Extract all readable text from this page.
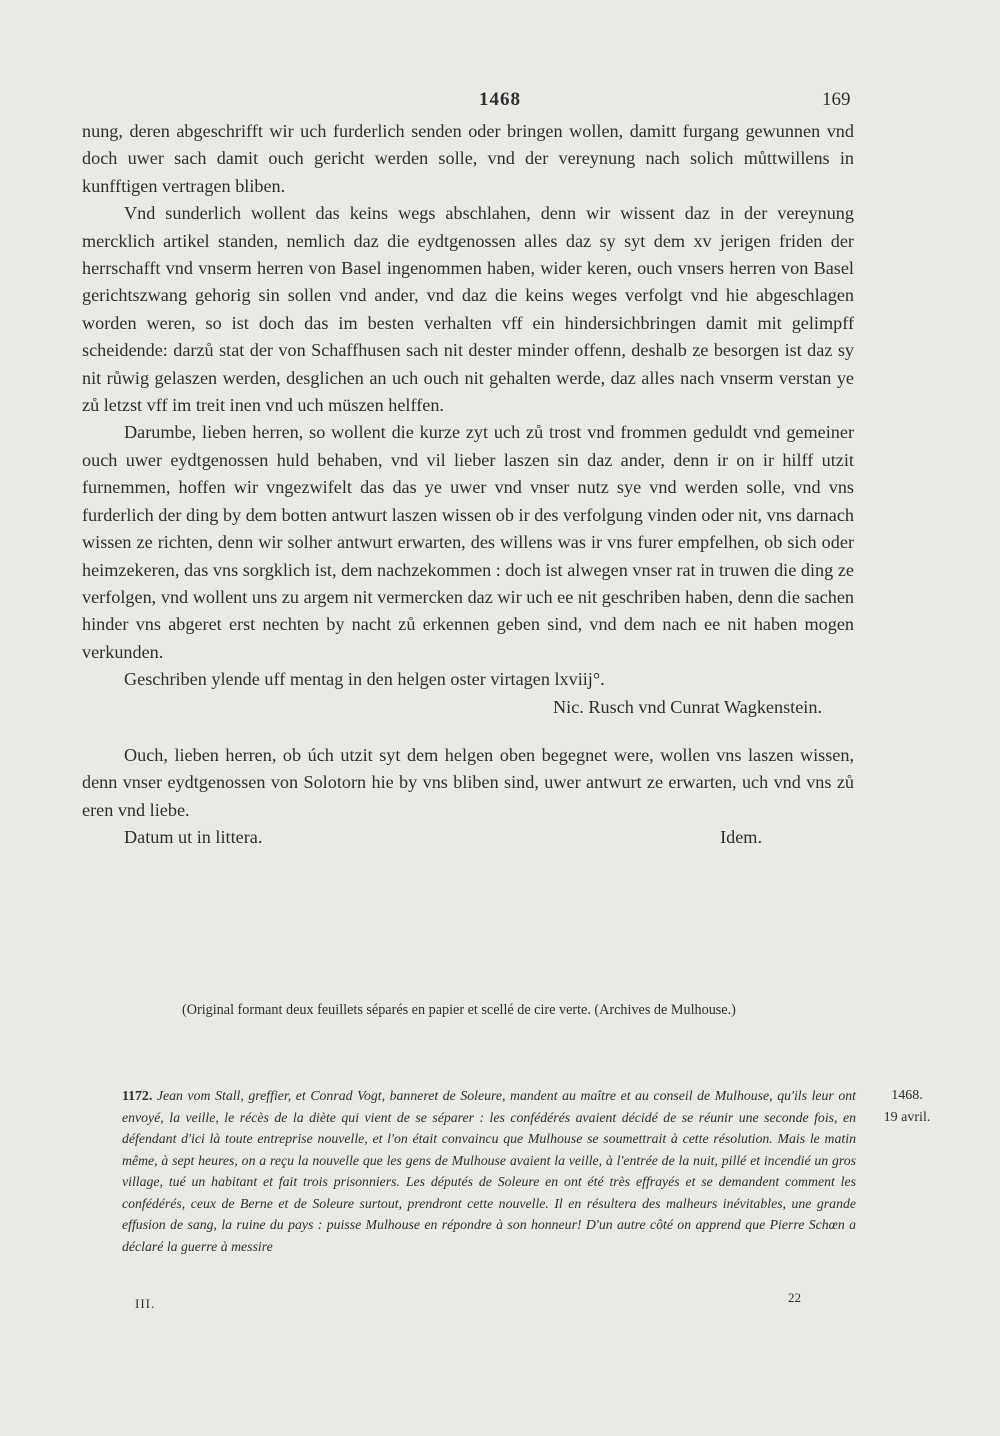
1468	169

nung, deren abgeschrifft wir uch furderlich senden oder bringen wollen, damitt furgang gewunnen vnd doch uwer sach damit ouch gericht werden solle, vnd der vereynung nach solich můttwillens in kunfftigen vertragen bliben.

Vnd sunderlich wollent das keins wegs abschlahen, denn wir wissent daz in der vereynung mercklich artikel standen, nemlich daz die eydtgenossen alles daz sy syt dem xv jerigen friden der herrschafft vnd vnserm herren von Basel ingenommen haben, wider keren, ouch vnsers herren von Basel gerichtszwang gehorig sin sollen vnd ander, vnd daz die keins weges verfolgt vnd hie abgeschlagen worden weren, so ist doch das im besten verhalten vff ein hindersichbringen damit mit gelimpff scheidende: darzů stat der von Schaffhusen sach nit dester minder offenn, deshalb ze besorgen ist daz sy nit růwig gelaszen werden, desglichen an uch ouch nit gehalten werde, daz alles nach vnserm verstan ye zů letzst vff im treit inen vnd uch müszen helffen.

Darumbe, lieben herren, so wollent die kurze zyt uch zů trost vnd frommen geduldt vnd gemeiner ouch uwer eydtgenossen huld behaben, vnd vil lieber laszen sin daz ander, denn ir on ir hilff utzit furnemmen, hoffen wir vngezwifelt das das ye uwer vnd vnser nutz sye vnd werden solle, vnd vns furderlich der ding by dem botten antwurt laszen wissen ob ir des verfolgung vinden oder nit, vns darnach wissen ze richten, denn wir solher antwurt erwarten, des willens was ir vns furer empfelhen, ob sich oder heimzekeren, das vns sorgklich ist, dem nachzekommen : doch ist alwegen vnser rat in truwen die ding ze verfolgen, vnd wollent uns zu argem nit vermercken daz wir uch ee nit geschriben haben, denn die sachen hinder vns abgeret erst nechten by nacht zů erkennen geben sind, vnd dem nach ee nit haben mogen verkunden.

Geschriben ylende uff mentag in den helgen oster virtagen lxviij°.

Nic. Rusch vnd Cunrat Wagkenstein.

Ouch, lieben herren, ob úch utzit syt dem helgen oben begegnet were, wollen vns laszen wissen, denn vnser eydtgenossen von Solotorn hie by vns bliben sind, uwer antwurt ze erwarten, uch vnd vns zů eren vnd liebe.

Datum ut in littera.	Idem.

(Original formant deux feuillets séparés en papier et scellé de cire verte. (Archives de Mulhouse.)
1172. Jean vom Stall, greffier, et Conrad Vogt, banneret de Soleure, mandent au maître et au conseil de Mulhouse, qu'ils leur ont envoyé, la veille, le récès de la diète qui vient de se séparer : les confédérés avaient décidé de se réunir une seconde fois, en défendant d'ici là toute entreprise nouvelle, et l'on était convaincu que Mulhouse se soumettrait à cette résolution. Mais le matin même, à sept heures, on a reçu la nouvelle que les gens de Mulhouse avaient la veille, à l'entrée de la nuit, pillé et incendié un gros village, tué un habitant et fait trois prisonniers. Les députés de Soleure en ont été très effrayés et se demandent comment les confédérés, ceux de Berne et de Soleure surtout, prendront cette nouvelle. Il en résultera des malheurs inévitables, une grande effusion de sang, la ruine du pays : puisse Mulhouse en répondre à son honneur! D'un autre côté on apprend que Pierre Schœn a déclaré la guerre à messire
1468.
19 avril.
III.	22
